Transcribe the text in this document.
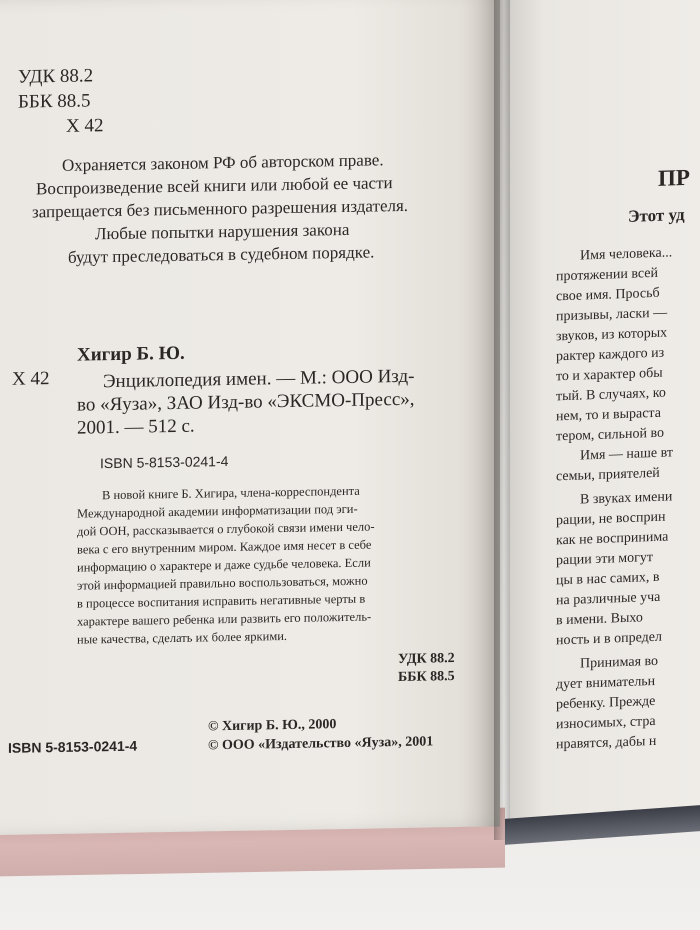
УДК 88.2
ББК 88.5
Х 42
Охраняется законом РФ об авторском праве.
Воспроизведение всей книги или любой ее части
запрещается без письменного разрешения издателя.
Любые попытки нарушения закона
будут преследоваться в судебном порядке.
Хигир Б. Ю.
Х 42	Энциклопедия имен. — М.: ООО Изд-
во «Яуза», ЗАО Изд-во «ЭКСМО-Пресс»,
2001. — 512 с.
ISBN 5-8153-0241-4
В новой книге Б. Хигира, члена-корреспондента
Международной академии информатизации под эги-
дой ООН, рассказывается о глубокой связи имени чело-
века с его внутренним миром. Каждое имя несет в себе
информацию о характере и даже судьбе человека. Если
этой информацией правильно воспользоваться, можно
в процессе воспитания исправить негативные черты в
характере вашего ребенка или развить его положитель-
ные качества, сделать их более яркими.
УДК 88.2
ББК 88.5
© Хигир Б. Ю., 2000
© ООО «Издательство «Яуза», 2001
ISBN 5-8153-0241-4
ПР
Этот уд
Имя человека...
протяжении всей
свое имя. Просьб
призывы, ласки —
звуков, из которых
рактер каждого из
то и характер обы
тый. В случаях, ко
нем, то и выраста
тером, сильной во
Имя — наше вт
семьи, приятелей
В звуках имени
рации, не восприн
как не воспринима
рации эти могут
цы в нас самих, в
на различные уча
в имени. Выхо
ность и в определ
Принимая во
дует внимательн
ребенку. Прежде
износимых, стра
нравятся, дабы н
